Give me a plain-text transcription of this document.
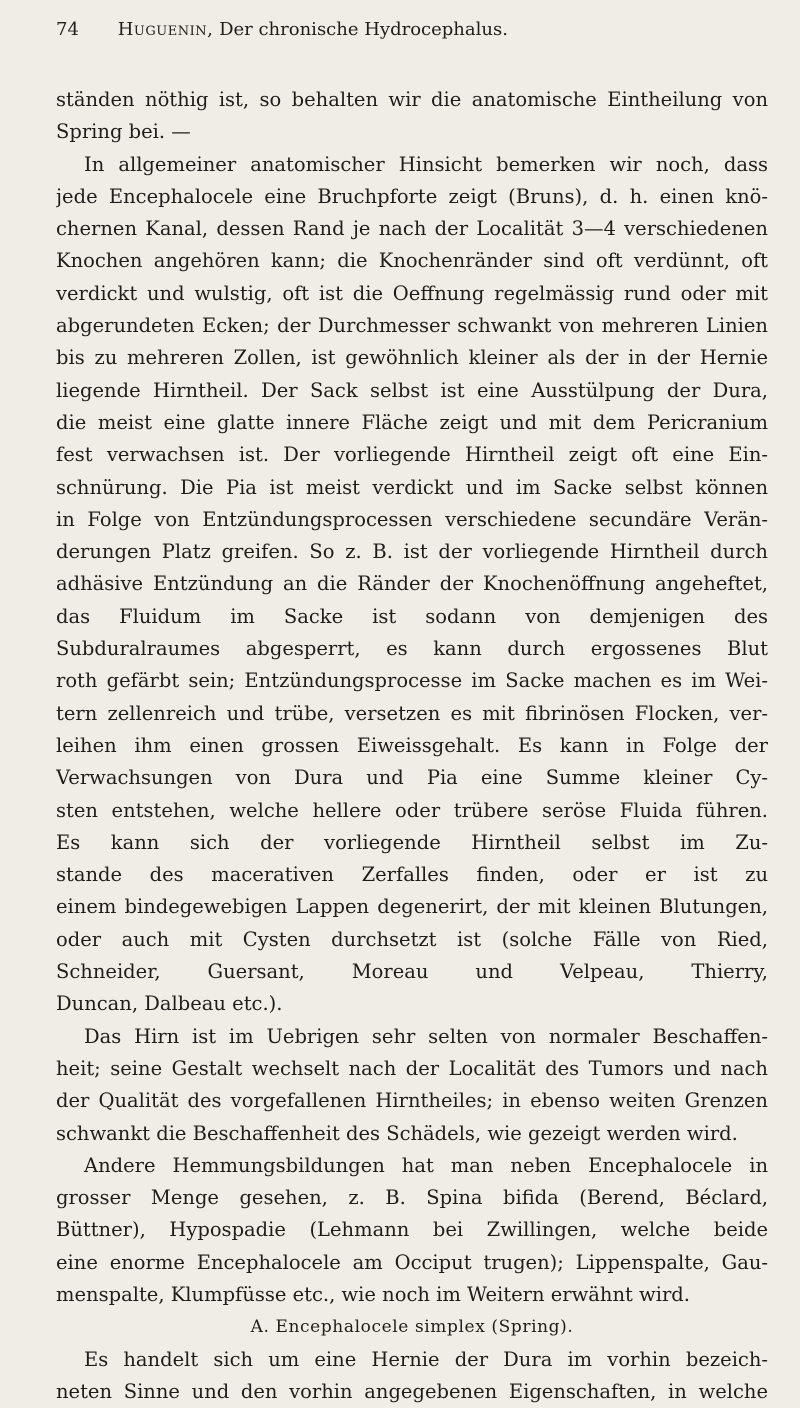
74 Huguenin, Der chronische Hydrocephalus.
ständen nöthig ist, so behalten wir die anatomische Eintheilung von
Spring bei. —
In allgemeiner anatomischer Hinsicht bemerken wir noch, dass
jede Encephalocele eine Bruchpforte zeigt (Bruns), d. h. einen knö-
chernen Kanal, dessen Rand je nach der Localität 3—4 verschiedenen
Knochen angehören kann; die Knochenränder sind oft verdünnt, oft
verdickt und wulstig, oft ist die Oeffnung regelmässig rund oder mit
abgerundeten Ecken; der Durchmesser schwankt von mehreren Linien
bis zu mehreren Zollen, ist gewöhnlich kleiner als der in der Hernie
liegende Hirntheil. Der Sack selbst ist eine Ausstülpung der Dura,
die meist eine glatte innere Fläche zeigt und mit dem Pericranium
fest verwachsen ist. Der vorliegende Hirntheil zeigt oft eine Ein-
schnürung. Die Pia ist meist verdickt und im Sacke selbst können
in Folge von Entzündungsprocessen verschiedene secundäre Verän-
derungen Platz greifen. So z. B. ist der vorliegende Hirntheil durch
adhäsive Entzündung an die Ränder der Knochenöffnung angeheftet,
das Fluidum im Sacke ist sodann von demjenigen des
Subduralraumes abgesperrt, es kann durch ergossenes Blut
roth gefärbt sein; Entzündungsprocesse im Sacke machen es im Wei-
tern zellenreich und trübe, versetzen es mit fibrinösen Flocken, ver-
leihen ihm einen grossen Eiweissgehalt. Es kann in Folge der
Verwachsungen von Dura und Pia eine Summe kleiner Cy-
sten entstehen, welche hellere oder trübere seröse Fluida führen.
Es kann sich der vorliegende Hirntheil selbst im Zu-
stande des macerativen Zerfalles finden, oder er ist zu
einem bindegewebigen Lappen degenerirt, der mit kleinen Blutungen,
oder auch mit Cysten durchsetzt ist (solche Fälle von Ried,
Schneider, Guersant, Moreau und Velpeau, Thierry,
Duncan, Dalbeau etc.).
Das Hirn ist im Uebrigen sehr selten von normaler Beschaffen-
heit; seine Gestalt wechselt nach der Localität des Tumors und nach
der Qualität des vorgefallenen Hirntheiles; in ebenso weiten Grenzen
schwankt die Beschaffenheit des Schädels, wie gezeigt werden wird.
Andere Hemmungsbildungen hat man neben Encephalocele in
grosser Menge gesehen, z. B. Spina bifida (Berend, Béclard,
Büttner), Hypospadie (Lehmann bei Zwillingen, welche beide
eine enorme Encephalocele am Occiput trugen); Lippenspalte, Gau-
menspalte, Klumpfüsse etc., wie noch im Weitern erwähnt wird.
A. Encephalocele simplex (Spring).
Es handelt sich um eine Hernie der Dura im vorhin bezeich-
neten Sinne und den vorhin angegebenen Eigenschaften, in welche
